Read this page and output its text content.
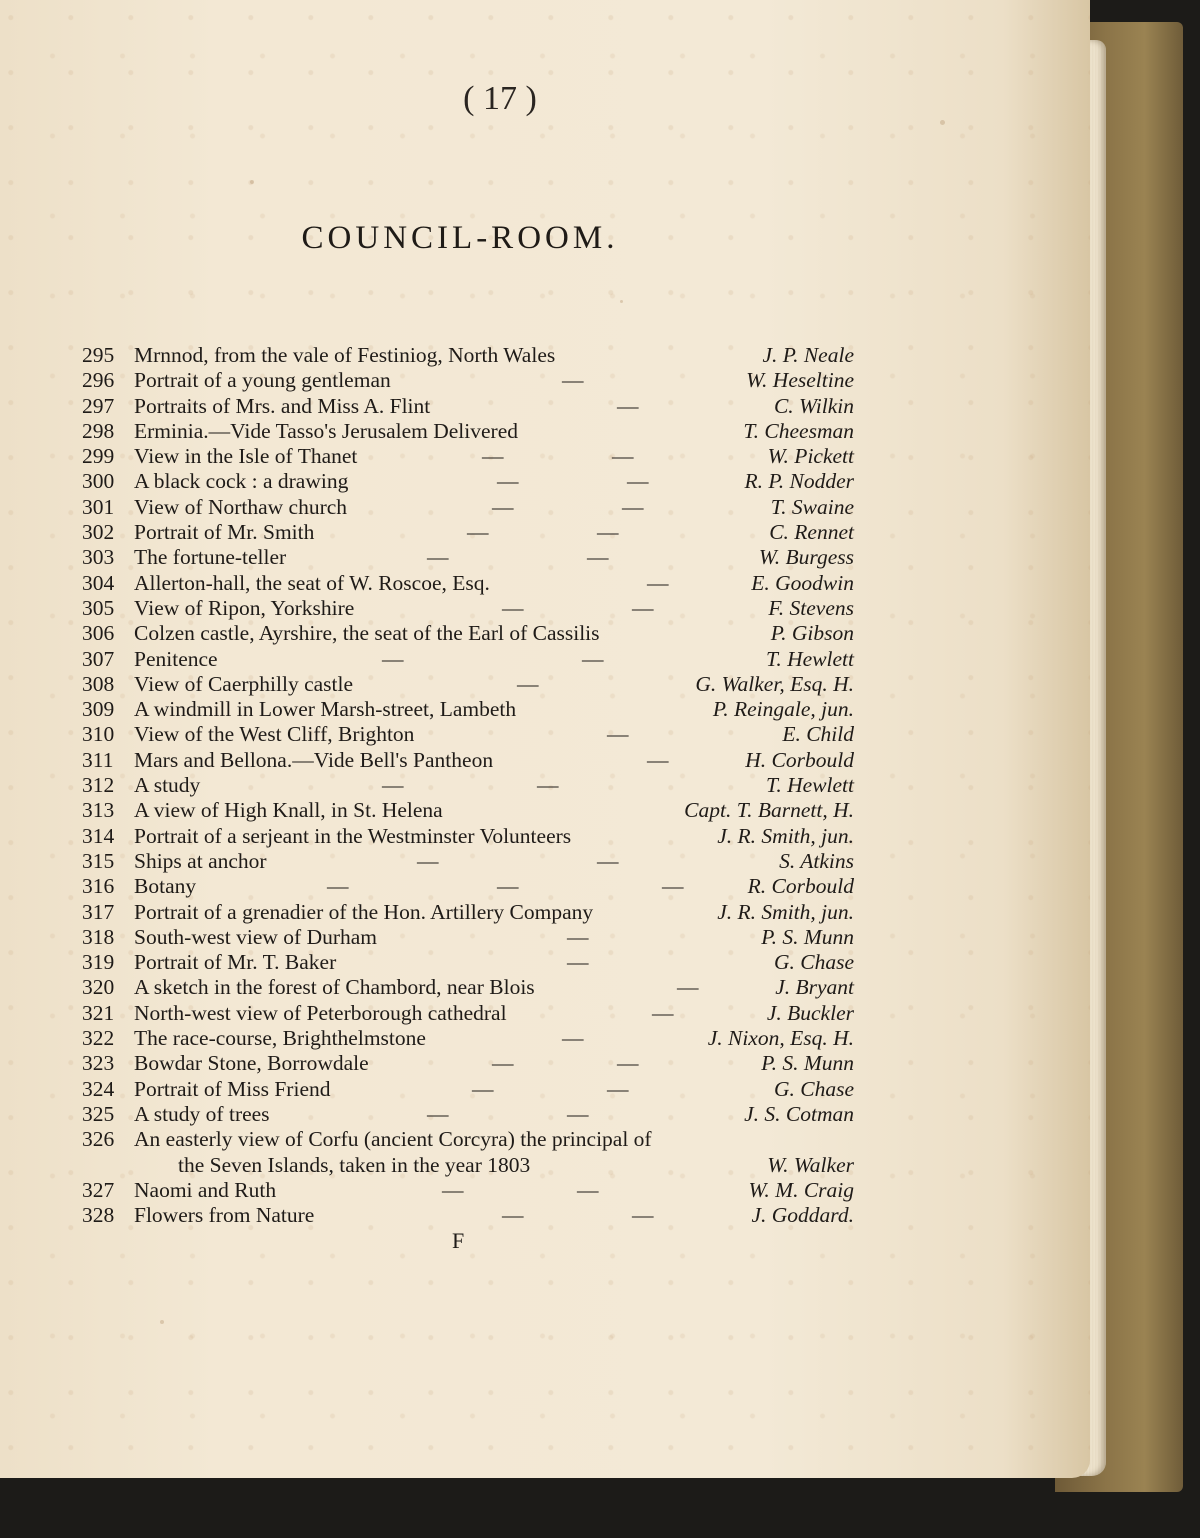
( 17 )
COUNCIL-ROOM.
295 Mrnnod, from the vale of Festiniog, North Wales	J. P. Neale
296 Portrait of a young gentleman	—	W. Heseltine
297 Portraits of Mrs. and Miss A. Flint	—	C. Wilkin
298 Erminia.—Vide Tasso's Jerusalem Delivered	T. Cheesman
299 View in the Isle of Thanet	—	—	W. Pickett
300 A black cock : a drawing	—	—	R. P. Nodder
301 View of Northaw church	—	—	T. Swaine
302 Portrait of Mr. Smith	—	—	C. Rennet
303 The fortune-teller	—	—	W. Burgess
304 Allerton-hall, the seat of W. Roscoe, Esq.	—	E. Goodwin
305 View of Ripon, Yorkshire	—	—	F. Stevens
306 Colzen castle, Ayrshire, the seat of the Earl of Cassilis	P. Gibson
307 Penitence	—	—	T. Hewlett
308 View of Caerphilly castle	—	G. Walker, Esq. H.
309 A windmill in Lower Marsh-street, Lambeth	P. Reingale, jun.
310 View of the West Cliff, Brighton	—	E. Child
311 Mars and Bellona.—Vide Bell's Pantheon	—	H. Corbould
312 A study	—	—	T. Hewlett
313 A view of High Knall, in St. Helena	Capt. T. Barnett, H.
314 Portrait of a serjeant in the Westminster Volunteers	J. R. Smith, jun.
315 Ships at anchor	—	—	S. Atkins
316 Botany	—	—	—	R. Corbould
317 Portrait of a grenadier of the Hon. Artillery Company	J. R. Smith, jun.
318 South-west view of Durham	—	P. S. Munn
319 Portrait of Mr. T. Baker	—	G. Chase
320 A sketch in the forest of Chambord, near Blois	—	J. Bryant
321 North-west view of Peterborough cathedral	—	J. Buckler
322 The race-course, Brighthelmstone	—	J. Nixon, Esq. H.
323 Bowdar Stone, Borrowdale	—	—	P. S. Munn
324 Portrait of Miss Friend	—	—	G. Chase
325 A study of trees	—	—	J. S. Cotman
326 An easterly view of Corfu (ancient Corcyra) the principal of
the Seven Islands, taken in the year 1803	W. Walker
327 Naomi and Ruth	—	—	W. M. Craig
328 Flowers from Nature	—	—	J. Goddard.
F
